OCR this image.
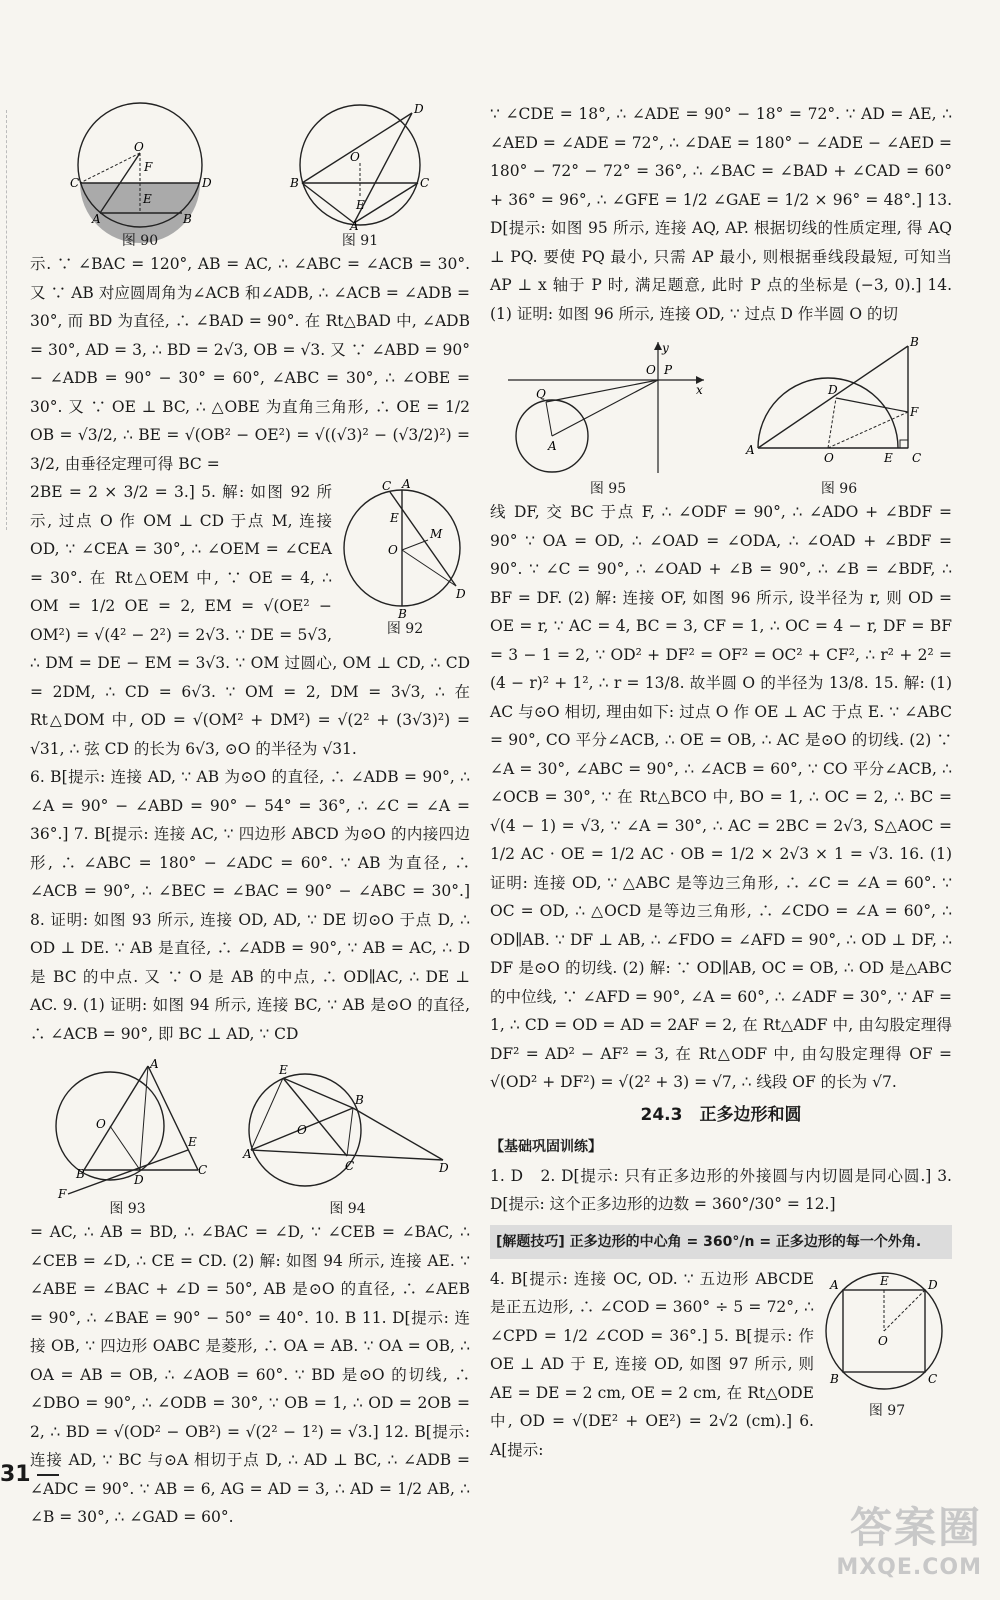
O
F
E
C	D
A	B
图 90
O
E
D
B	C
A
图 91

示. ∵ ∠BAC = 120°, AB = AC, ∴ ∠ABC = ∠ACB = 30°. 又 ∵ AB 对应圆周角为∠ACB 和∠ADB, ∴ ∠ACB = ∠ADB = 30°, 而 BD 为直径, ∴ ∠BAD = 90°. 在 Rt△BAD 中, ∠ADB = 30°, AD = 3, ∴ BD = 2√3, OB = √3. 又 ∵ ∠ABD = 90° − ∠ADB = 90° − 30° = 60°, ∠ABC = 30°, ∴ ∠OBE = 30°. 又 ∵ OE ⊥ BC, ∴ △OBE 为直角三角形, ∴ OE = 1/2 OB = √3/2, ∴ BE = √(OB² − OE²) = √((√3)² − (√3/2)²) = 3/2, 由垂径定理可得 BC =

C A
E
O
M
D
B
图 92

2BE = 2 × 3/2 = 3.] 5. 解: 如图 92 所示, 过点 O 作 OM ⊥ CD 于点 M, 连接 OD, ∵ ∠CEA = 30°, ∴ ∠OEM = ∠CEA = 30°. 在 Rt△OEM 中, ∵ OE = 4, ∴ OM = 1/2 OE = 2, EM = √(OE² − OM²) = √(4² − 2²) = 2√3. ∵ DE = 5√3, ∴ DM = DE − EM = 3√3. ∵ OM 过圆心, OM ⊥ CD, ∴ CD = 2DM, ∴ CD = 6√3. ∵ OM = 2, DM = 3√3, ∴ 在 Rt△DOM 中, OD = √(OM² + DM²) = √(2² + (3√3)²) = √31, ∴ 弦 CD 的长为 6√3, ⊙O 的半径为 √31.

6. B[提示: 连接 AD, ∵ AB 为⊙O 的直径, ∴ ∠ADB = 90°, ∴ ∠A = 90° − ∠ABD = 90° − 54° = 36°, ∴ ∠C = ∠A = 36°.] 7. B[提示: 连接 AC, ∵ 四边形 ABCD 为⊙O 的内接四边形, ∴ ∠ABC = 180° − ∠ADC = 60°. ∵ AB 为直径, ∴ ∠ACB = 90°, ∴ ∠BEC = ∠BAC = 90° − ∠ABC = 30°.] 8. 证明: 如图 93 所示, 连接 OD, AD, ∵ DE 切⊙O 于点 D, ∴ OD ⊥ DE. ∵ AB 是直径, ∴ ∠ADB = 90°, ∵ AB = AC, ∴ D 是 BC 的中点. 又 ∵ O 是 AB 的中点, ∴ OD∥AC, ∴ DE ⊥ AC. 9. (1) 证明: 如图 94 所示, 连接 BC, ∵ AB 是⊙O 的直径, ∴ ∠ACB = 90°, 即 BC ⊥ AD, ∵ CD

A
O
E
C
D
B
F
图 93
E
B
O
A
C	D
图 94

= AC, ∴ AB = BD, ∴ ∠BAC = ∠D, ∵ ∠CEB = ∠BAC, ∴ ∠CEB = ∠D, ∴ CE = CD. (2) 解: 如图 94 所示, 连接 AE. ∵ ∠ABE = ∠BAC + ∠D = 50°, AB 是⊙O 的直径, ∴ ∠AEB = 90°, ∴ ∠BAE = 90° − 50° = 40°. 10. B 11. D[提示: 连接 OB, ∵ 四边形 OABC 是菱形, ∴ OA = AB. ∵ OA = OB, ∴ OA = AB = OB, ∴ ∠AOB = 60°. ∵ BD 是⊙O 的切线, ∴ ∠DBO = 90°, ∴ ∠ODB = 30°, ∵ OB = 1, ∴ OD = 2OB = 2, ∴ BD = √(OD² − OB²) = √(2² − 1²) = √3.] 12. B[提示: 连接 AD, ∵ BC 与⊙A 相切于点 D, ∴ AD ⊥ BC, ∴ ∠ADB = ∠ADC = 90°. ∵ AB = 6, AG = AD = 3, ∴ AD = 1/2 AB, ∴ ∠B = 30°, ∴ ∠GAD = 60°.

∵ ∠CDE = 18°, ∴ ∠ADE = 90° − 18° = 72°. ∵ AD = AE, ∴ ∠AED = ∠ADE = 72°, ∴ ∠DAE = 180° − ∠ADE − ∠AED = 180° − 72° − 72° = 36°, ∴ ∠BAC = ∠BAD + ∠CAD = 60° + 36° = 96°, ∴ ∠GFE = 1/2 ∠GAE = 1/2 × 96° = 48°.] 13. D[提示: 如图 95 所示, 连接 AQ, AP. 根据切线的性质定理, 得 AQ ⊥ PQ. 要使 PQ 最小, 只需 AP 最小, 则根据垂线段最短, 可知当 AP ⊥ x 轴于 P 时, 满足题意, 此时 P 点的坐标是 (−3, 0).] 14. (1) 证明: 如图 96 所示, 连接 OD, ∵ 过点 D 作半圆 O 的切

y
O P
x
Q
A
图 95
B
D
F
A
O	E C
图 96

线 DF, 交 BC 于点 F, ∴ ∠ODF = 90°, ∴ ∠ADO + ∠BDF = 90° ∵ OA = OD, ∴ ∠OAD = ∠ODA, ∴ ∠OAD + ∠BDF = 90°. ∵ ∠C = 90°, ∴ ∠OAD + ∠B = 90°, ∴ ∠B = ∠BDF, ∴ BF = DF. (2) 解: 连接 OF, 如图 96 所示, 设半径为 r, 则 OD = OE = r, ∵ AC = 4, BC = 3, CF = 1, ∴ OC = 4 − r, DF = BF = 3 − 1 = 2, ∵ OD² + DF² = OF² = OC² + CF², ∴ r² + 2² = (4 − r)² + 1², ∴ r = 13/8. 故半圆 O 的半径为 13/8. 15. 解: (1) AC 与⊙O 相切, 理由如下: 过点 O 作 OE ⊥ AC 于点 E. ∵ ∠ABC = 90°, CO 平分∠ACB, ∴ OE = OB, ∴ AC 是⊙O 的切线. (2) ∵ ∠A = 30°, ∠ABC = 90°, ∴ ∠ACB = 60°, ∵ CO 平分∠ACB, ∴ ∠OCB = 30°, ∵ 在 Rt△BCO 中, BO = 1, ∴ OC = 2, ∴ BC = √(4 − 1) = √3, ∵ ∠A = 30°, ∴ AC = 2BC = 2√3, S△AOC = 1/2 AC · OE = 1/2 AC · OB = 1/2 × 2√3 × 1 = √3. 16. (1) 证明: 连接 OD, ∵ △ABC 是等边三角形, ∴ ∠C = ∠A = 60°. ∵ OC = OD, ∴ △OCD 是等边三角形, ∴ ∠CDO = ∠A = 60°, ∴ OD∥AB. ∵ DF ⊥ AB, ∴ ∠FDO = ∠AFD = 90°, ∴ OD ⊥ DF, ∴ DF 是⊙O 的切线. (2) 解: ∵ OD∥AB, OC = OB, ∴ OD 是△ABC 的中位线, ∵ ∠AFD = 90°, ∠A = 60°, ∴ ∠ADF = 30°, ∵ AF = 1, ∴ CD = OD = AD = 2AF = 2, 在 Rt△ADF 中, 由勾股定理得 DF² = AD² − AF² = 3, 在 Rt△ODF 中, 由勾股定理得 OF = √(OD² + DF²) = √(2² + 3) = √7, ∴ 线段 OF 的长为 √7.

24.3　正多边形和圆
【基础巩固训练】

1. D　2. D[提示: 只有正多边形的外接圆与内切圆是同心圆.] 3. D[提示: 这个正多边形的边数 = 360°/30° = 12.]

[解题技巧] 正多边形的中心角 = 360°/n = 正多边形的每一个外角.
A	E	D
O
B	C
图 97

4. B[提示: 连接 OC, OD. ∵ 五边形 ABCDE 是正五边形, ∴ ∠COD = 360° ÷ 5 = 72°, ∴ ∠CPD = 1/2 ∠COD = 36°.] 5. B[提示: 作 OE ⊥ AD 于 E, 连接 OD, 如图 97 所示, 则 AE = DE = 2 cm, OE = 2 cm, 在 Rt△ODE 中, OD = √(DE² + OE²) = 2√2 (cm).] 6. A[提示:

31
答案圈
MXQE.COM
